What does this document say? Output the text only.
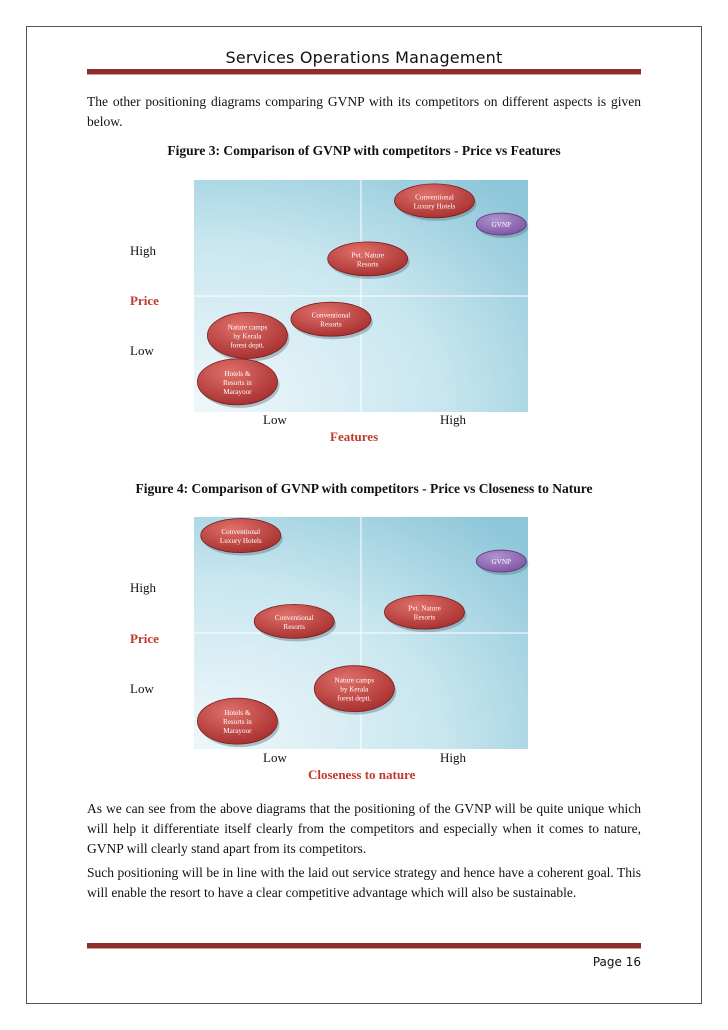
Services Operations Management
The other positioning diagrams comparing GVNP with its competitors on different aspects is given below.
Figure 3: Comparison of GVNP with competitors - Price vs Features
High
Price
Low
Conventional
Luxury Hotels
GVNP
Pvt. Nature
Resorts
Conventional
Resorts
Nature camps
by Kerala
forest deptt.
Hotels &
Resorts in
Marayoor
Low	High
Features
Figure 4: Comparison of GVNP with competitors - Price vs Closeness to Nature
High
Price
Low
Conventional
Luxury Hotels
GVNP
Pvt. Nature
Resorts
Conventional
Resorts
Nature camps
by Kerala
forest deptt.
Hotels &
Resorts in
Marayoor
Low	High
Closeness to nature
As we can see from the above diagrams that the positioning of the GVNP will be quite unique which will help it differentiate itself clearly from the competitors and especially when it comes to nature, GVNP will clearly stand apart from its competitors.
Such positioning will be in line with the laid out service strategy and hence have a coherent goal. This will enable the resort to have a clear competitive advantage which will also be sustainable.
Page 16
